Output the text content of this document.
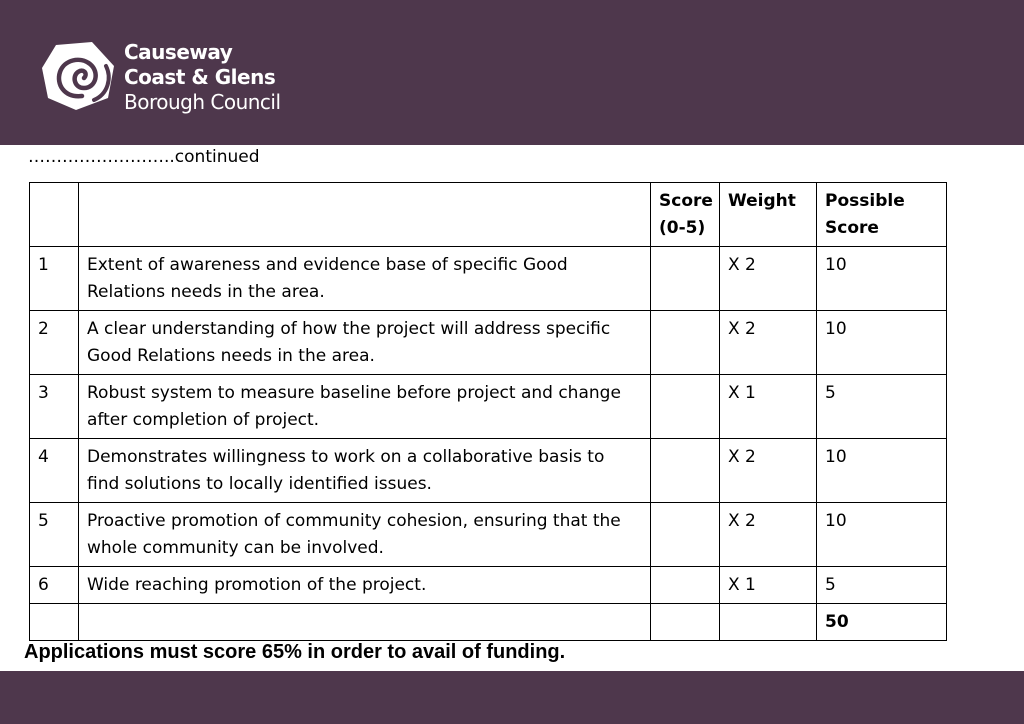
Causeway
Coast & Glens
Borough Council
……………………..continued
		Score (0-5)	Weight	Possible Score
1	Extent of awareness and evidence base of specific Good Relations needs in the area.		X 2	10
2	A clear understanding of how the project will address specific Good Relations needs in the area.		X 2	10
3	Robust system to measure baseline before project and change after completion of project.		X 1	5
4	Demonstrates willingness to work on a collaborative basis to find solutions to locally identified issues.		X 2	10
5	Proactive promotion of community cohesion, ensuring that the whole community can be involved.		X 2	10
6	Wide reaching promotion of the project.		X 1	5
				50
Applications must score 65% in order to avail of funding.
